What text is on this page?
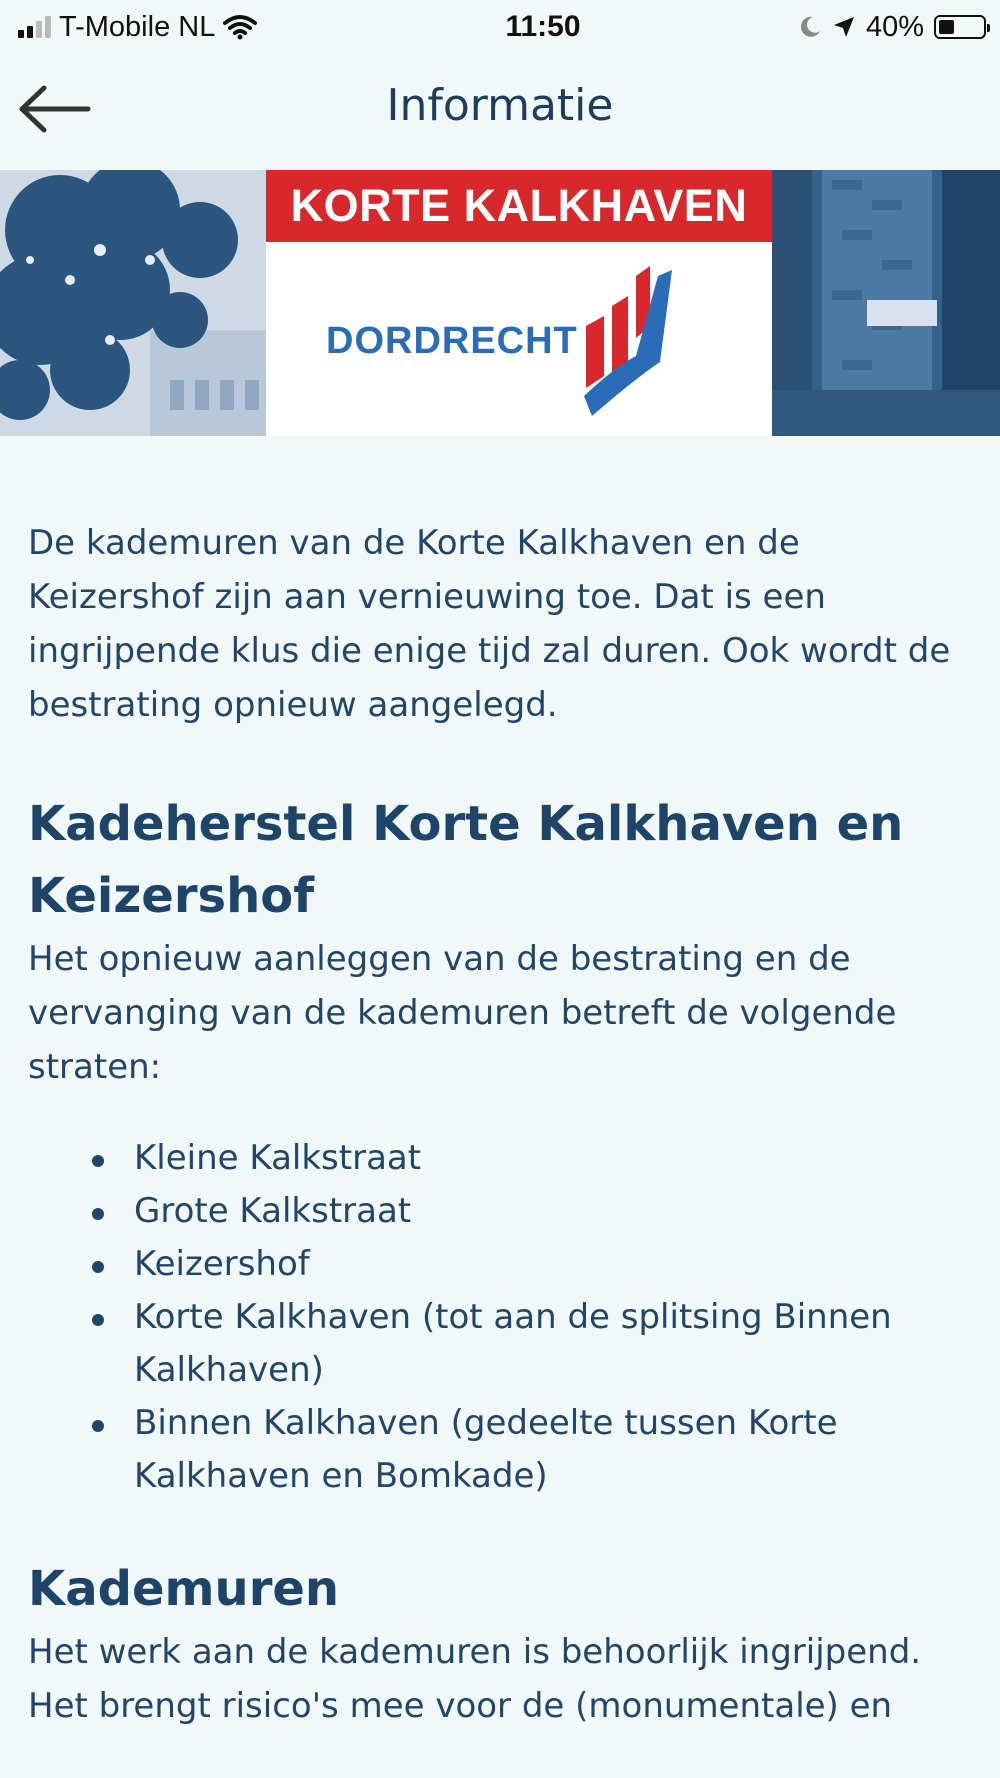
T-Mobile NL	11:50	40%
Informatie
KORTE KALKHAVEN
DORDRECHT

De kademuren van de Korte Kalkhaven en de Keizershof zijn aan vernieuwing toe. Dat is een ingrijpende klus die enige tijd zal duren. Ook wordt de bestrating opnieuw aangelegd.

Kadeherstel Korte Kalkhaven en Keizershof

Het opnieuw aanleggen van de bestrating en de vervanging van de kademuren betreft de volgende straten:

Kleine Kalkstraat
Grote Kalkstraat
Keizershof
Korte Kalkhaven (tot aan de splitsing Binnen Kalkhaven)
Binnen Kalkhaven (gedeelte tussen Korte Kalkhaven en Bomkade)
Kademuren

Het werk aan de kademuren is behoorlijk ingrijpend. Het brengt risico's mee voor de (monumentale) en
